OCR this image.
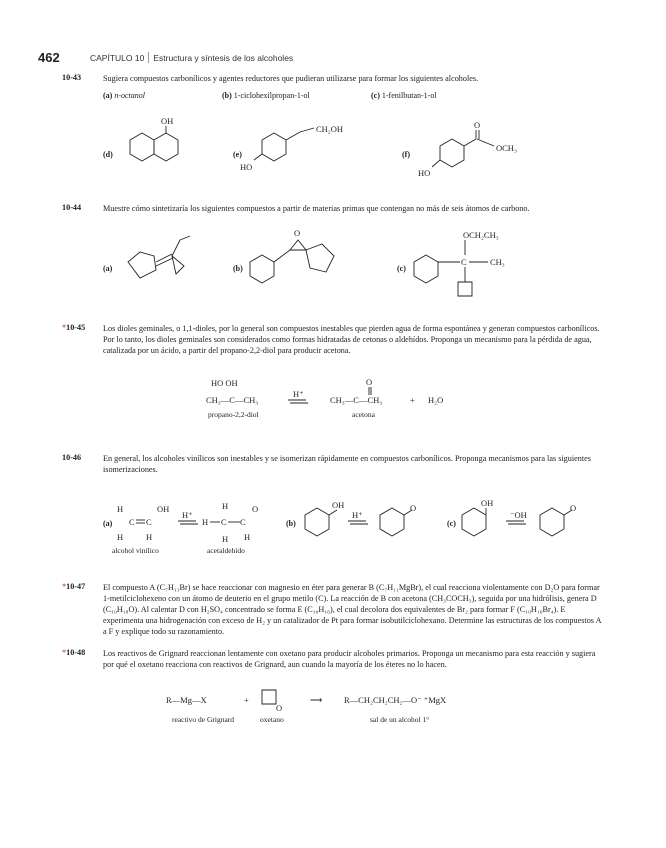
462	CAPÍTULO 10 Estructura y síntesis de los alcoholes
10-43	Sugiera compuestos carbonílicos y agentes reductores que pudieran utilizarse para formar los siguientes alcoholes.
(a) n-octanol	(b) 1-ciclohexilpropan-1-ol	(c) 1-fenilbutan-1-ol
(d)	(e)	(f)
OH
CH₂OH
HO
O
OCH₃
HO
10-44	Muestre cómo sintetizaría los siguientes compuestos a partir de materias primas que contengan no más de seis átomos de carbono.
(a)	(b)	(c)
O
C	CH₃
OCH₂CH₃
*10-45 Los dioles geminales, o 1,1-dioles, por lo general son compuestos inestables que pierden agua de forma espontánea y generan compuestos carbonílicos. Por lo tanto, los dioles geminales son considerados como formas hidratadas de cetonas o aldehídos. Proponga un mecanismo para la pérdida de agua, catalizada por un ácido, a partir del propano-2,2-diol para producir acetona.
HO OH
CH₃—C—CH₃
propano-2,2-diol
H⁺
O
CH₃—C—CH₃
acetona
+ H₂O
10-46	En general, los alcoholes vinílicos son inestables y se isomerizan rápidamente en compuestos carbonílicos. Proponga mecanismos para las siguientes isomerizaciones.
(a)	(b)	(c)
H
H
C C
OH
H
alcohol vinílico
H⁺
H C
H
H
C
O
H
acetaldehído
OH
H⁺
O	OH
⁻OH
O
*10-47 El compuesto A (C₇H₁₁Br) se hace reaccionar con magnesio en éter para generar B (C₇H₁₁MgBr), el cual reacciona violentamente con D₂O para formar 1-metilciclohexeno con un átomo de deuterio en el grupo metilo (C). La reacción de B con acetona (CH₃COCH₃), seguida por una hidrólisis, genera D (C₁₀H₁₈O). Al calentar D con H₂SO₄ concentrado se forma E (C₁₀H₁₆), el cual decolora dos equivalentes de Br₂ para formar F (C₁₀H₁₆Br₄). E experimenta una hidrogenación con exceso de H₂ y un catalizador de Pt para formar isobutilciclohexano. Determine las estructuras de los compuestos A a F y explique todo su razonamiento.
*10-48 Los reactivos de Grignard reaccionan lentamente con oxetano para producir alcoholes primarios. Proponga un mecanismo para esta reacción y sugiera por qué el oxetano reacciona con reactivos de Grignard, aun cuando la mayoría de los éteres no lo hacen.
R—Mg—X
reactivo de Grignard
+
O
oxetano
⟶	R—CH₂CH₂CH₂—O⁻ ⁺MgX
sal de un alcohol 1°
